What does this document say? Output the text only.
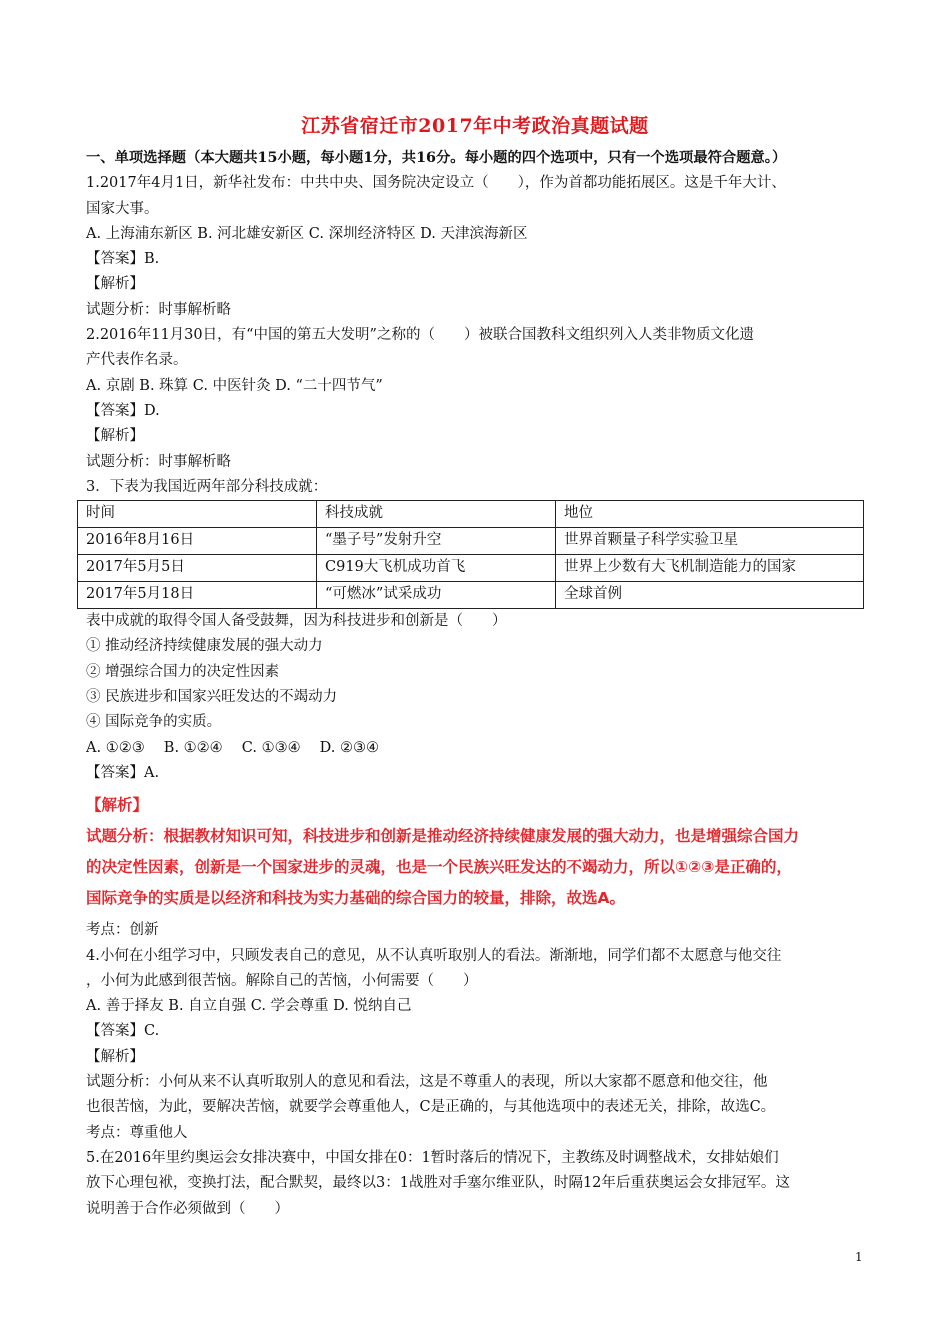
江苏省宿迁市2017年中考政治真题试题

一、单项选择题（本大题共15小题，每小题1分，共16分。每小题的四个选项中，只有一个选项最符合题意。）

1.2017年4月1日，新华社发布：中共中央、国务院决定设立（　　），作为首都功能拓展区。这是千年大计、

国家大事。

A. 上海浦东新区 B. 河北雄安新区 C. 深圳经济特区 D. 天津滨海新区

【答案】B.

【解析】

试题分析：时事解析略

2.2016年11月30日，有“中国的第五大发明”之称的（　　）被联合国教科文组织列入人类非物质文化遗

产代表作名录。

A. 京剧 B. 珠算 C. 中医针灸 D. “二十四节气”

【答案】D.

【解析】

试题分析：时事解析略

3．下表为我国近两年部分科技成就：

时间	科技成就	地位
2016年8月16日	“墨子号”发射升空	世界首颗量子科学实验卫星
2017年5月5日	C919大飞机成功首飞	世界上少数有大飞机制造能力的国家
2017年5月18日	“可燃冰”试采成功	全球首例

表中成就的取得令国人备受鼓舞，因为科技进步和创新是（　　）

① 推动经济持续健康发展的强大动力

② 增强综合国力的决定性因素

③ 民族进步和国家兴旺发达的不竭动力

④ 国际竞争的实质。

A. ①②③　 B. ①②④　 C. ①③④　 D. ②③④

【答案】A.

【解析】

试题分析：根据教材知识可知，科技进步和创新是推动经济持续健康发展的强大动力，也是增强综合国力

的决定性因素，创新是一个国家进步的灵魂，也是一个民族兴旺发达的不竭动力，所以①②③是正确的，

国际竞争的实质是以经济和科技为实力基础的综合国力的较量，排除，故选A。

考点：创新

4.小何在小组学习中，只顾发表自己的意见，从不认真听取别人的看法。渐渐地，同学们都不太愿意与他交往

，小何为此感到很苦恼。解除自己的苦恼，小何需要（　　）

A. 善于择友 B. 自立自强 C. 学会尊重 D. 悦纳自己

【答案】C.

【解析】

试题分析：小何从来不认真听取别人的意见和看法，这是不尊重人的表现，所以大家都不愿意和他交往，他

也很苦恼，为此，要解决苦恼，就要学会尊重他人，C是正确的，与其他选项中的表述无关，排除，故选C。

考点：尊重他人

5.在2016年里约奥运会女排决赛中，中国女排在0：1暂时落后的情况下，主教练及时调整战术，女排姑娘们

放下心理包袱，变换打法，配合默契，最终以3：1战胜对手塞尔维亚队，时隔12年后重获奥运会女排冠军。这

说明善于合作必须做到（　　）

1
